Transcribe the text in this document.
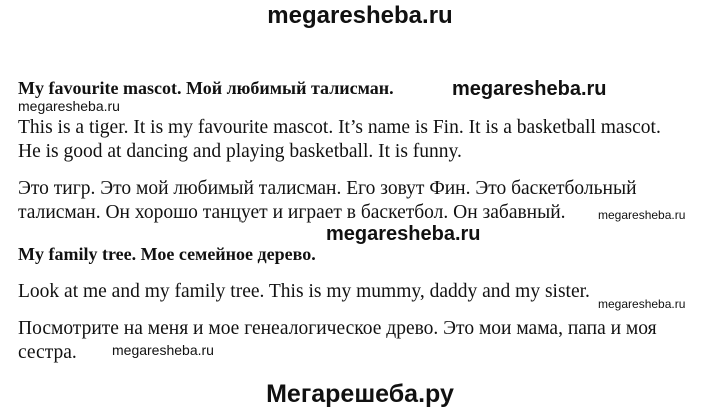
megaresheba.ru
My favourite mascot. Мой любимый талисман.	megaresheba.ru
megaresheba.ru
This is a tiger. It is my favourite mascot. It’s name is Fin. It is a basketball mascot.
He is good at dancing and playing basketball. It is funny.
Это тигр. Это мой любимый талисман. Его зовут Фин. Это баскетбольный
талисман. Он хорошо танцует и играет в баскетбол. Он забавный.	megaresheba.ru
megaresheba.ru
My family tree. Мое семейное дерево.
Look at me and my family tree. This is my mummy, daddy and my sister.
megaresheba.ru
Посмотрите на меня и мое генеалогическое древо. Это мои мама, папа и моя
сестра.	megaresheba.ru
Мегарешеба.ру
